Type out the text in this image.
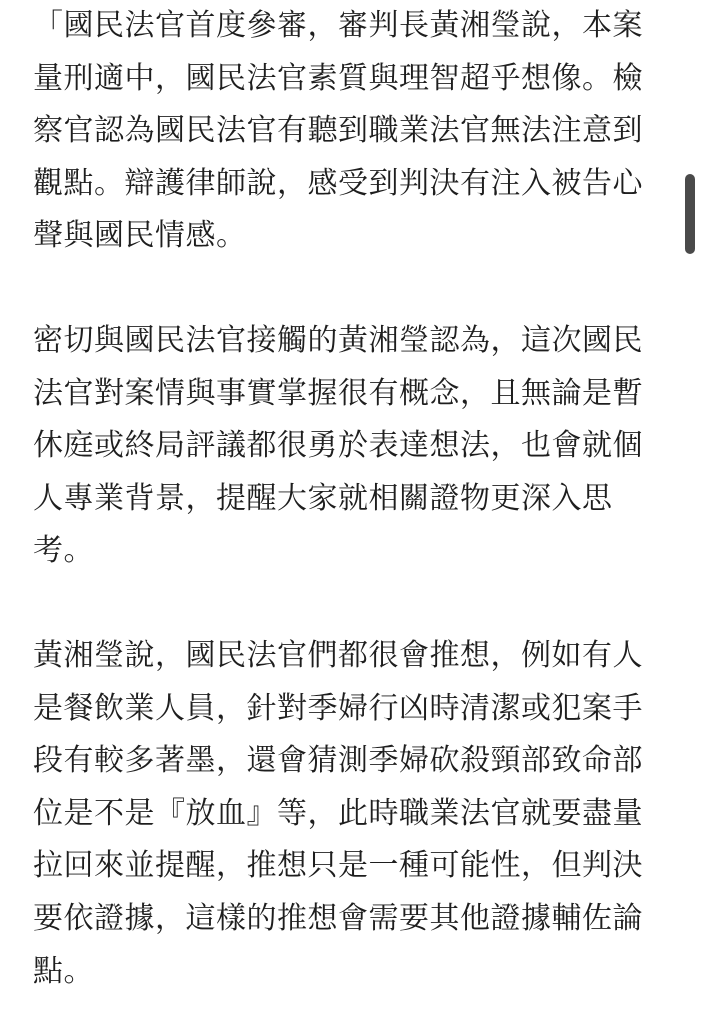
「國民法官首度參審，審判長黃湘瑩說，本案量刑適中，國民法官素質與理智超乎想像。檢察官認為國民法官有聽到職業法官無法注意到觀點。辯護律師說，感受到判決有注入被告心聲與國民情感。

密切與國民法官接觸的黃湘瑩認為，這次國民法官對案情與事實掌握很有概念，且無論是暫休庭或終局評議都很勇於表達想法，也會就個人專業背景，提醒大家就相關證物更深入思考。

黃湘瑩說，國民法官們都很會推想，例如有人是餐飲業人員，針對季婦行凶時清潔或犯案手段有較多著墨，還會猜測季婦砍殺頸部致命部位是不是『放血』等，此時職業法官就要盡量拉回來並提醒，推想只是一種可能性，但判決要依證據，這樣的推想會需要其他證據輔佐論點。
